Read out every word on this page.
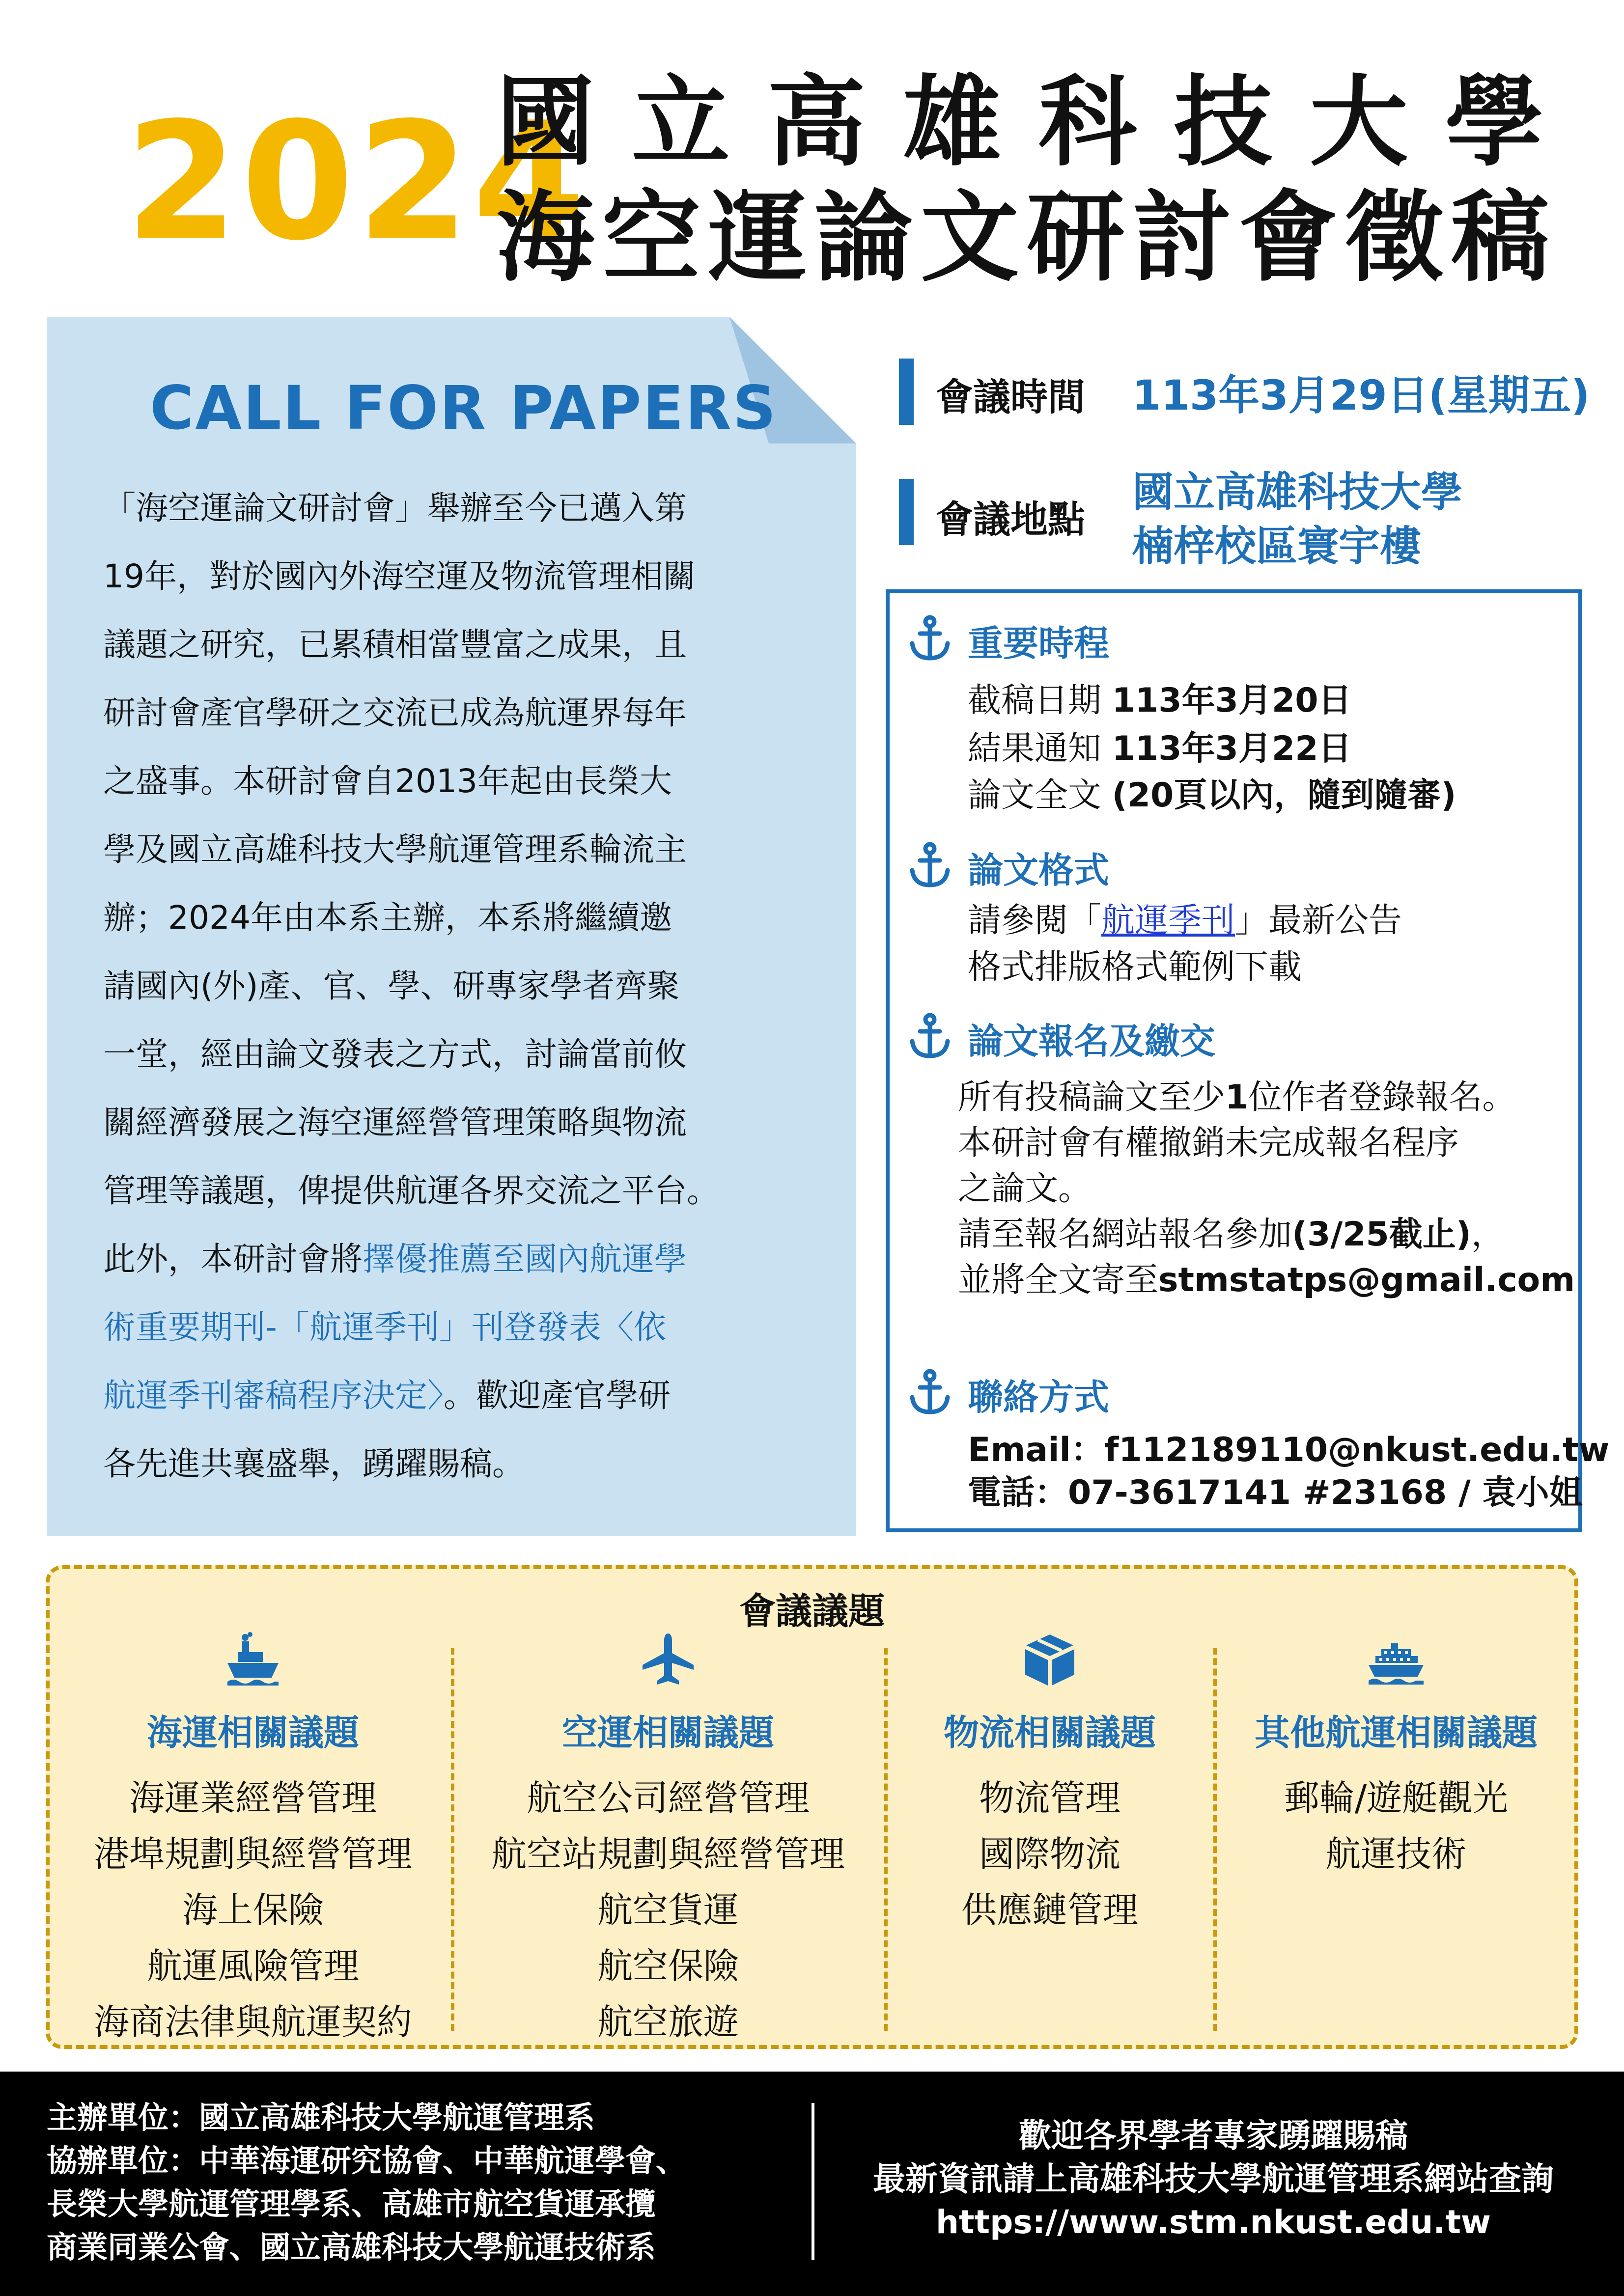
2024
國立高雄科技大學
海空運論文研討會徵稿
CALL FOR PAPERS
「海空運論文研討會」舉辦至今已邁入第
19年，對於國內外海空運及物流管理相關
議題之研究，已累積相當豐富之成果，且
研討會產官學研之交流已成為航運界每年
之盛事。本研討會自2013年起由長榮大
學及國立高雄科技大學航運管理系輪流主
辦；2024年由本系主辦，本系將繼續邀
請國內(外)產、官、學、研專家學者齊聚
一堂，經由論文發表之方式，討論當前攸
關經濟發展之海空運經營管理策略與物流
管理等議題，俾提供航運各界交流之平台。
此外，本研討會將擇優推薦至國內航運學
術重要期刊-「航運季刊」刊登發表〈依
航運季刊審稿程序決定〉。歡迎產官學研
各先進共襄盛舉，踴躍賜稿。
會議時間 113年3月29日(星期五)
會議地點
國立高雄科技大學
楠梓校區寰宇樓
重要時程
截稿日期 113年3月20日
結果通知 113年3月22日
論文全文 (20頁以內，隨到隨審)
論文格式
請參閱「航運季刊」最新公告
格式排版格式範例下載
論文報名及繳交
所有投稿論文至少1位作者登錄報名。
本研討會有權撤銷未完成報名程序
之論文。
請至報名網站報名參加(3/25截止)，
並將全文寄至stmstatps@gmail.com
聯絡方式
Email：f112189110@nkust.edu.tw
電話：07-3617141 #23168 / 袁小姐
會議議題
海運相關議題
海運業經營管理
港埠規劃與經營管理
海上保險
航運風險管理
海商法律與航運契約
空運相關議題
航空公司經營管理
航空站規劃與經營管理
航空貨運
航空保險
航空旅遊
物流相關議題
物流管理
國際物流
供應鏈管理
其他航運相關議題
郵輪/遊艇觀光
航運技術
主辦單位：國立高雄科技大學航運管理系
協辦單位：中華海運研究協會、中華航運學會、
長榮大學航運管理學系、高雄市航空貨運承攬
商業同業公會、國立高雄科技大學航運技術系
歡迎各界學者專家踴躍賜稿
最新資訊請上高雄科技大學航運管理系網站查詢
https://www.stm.nkust.edu.tw
